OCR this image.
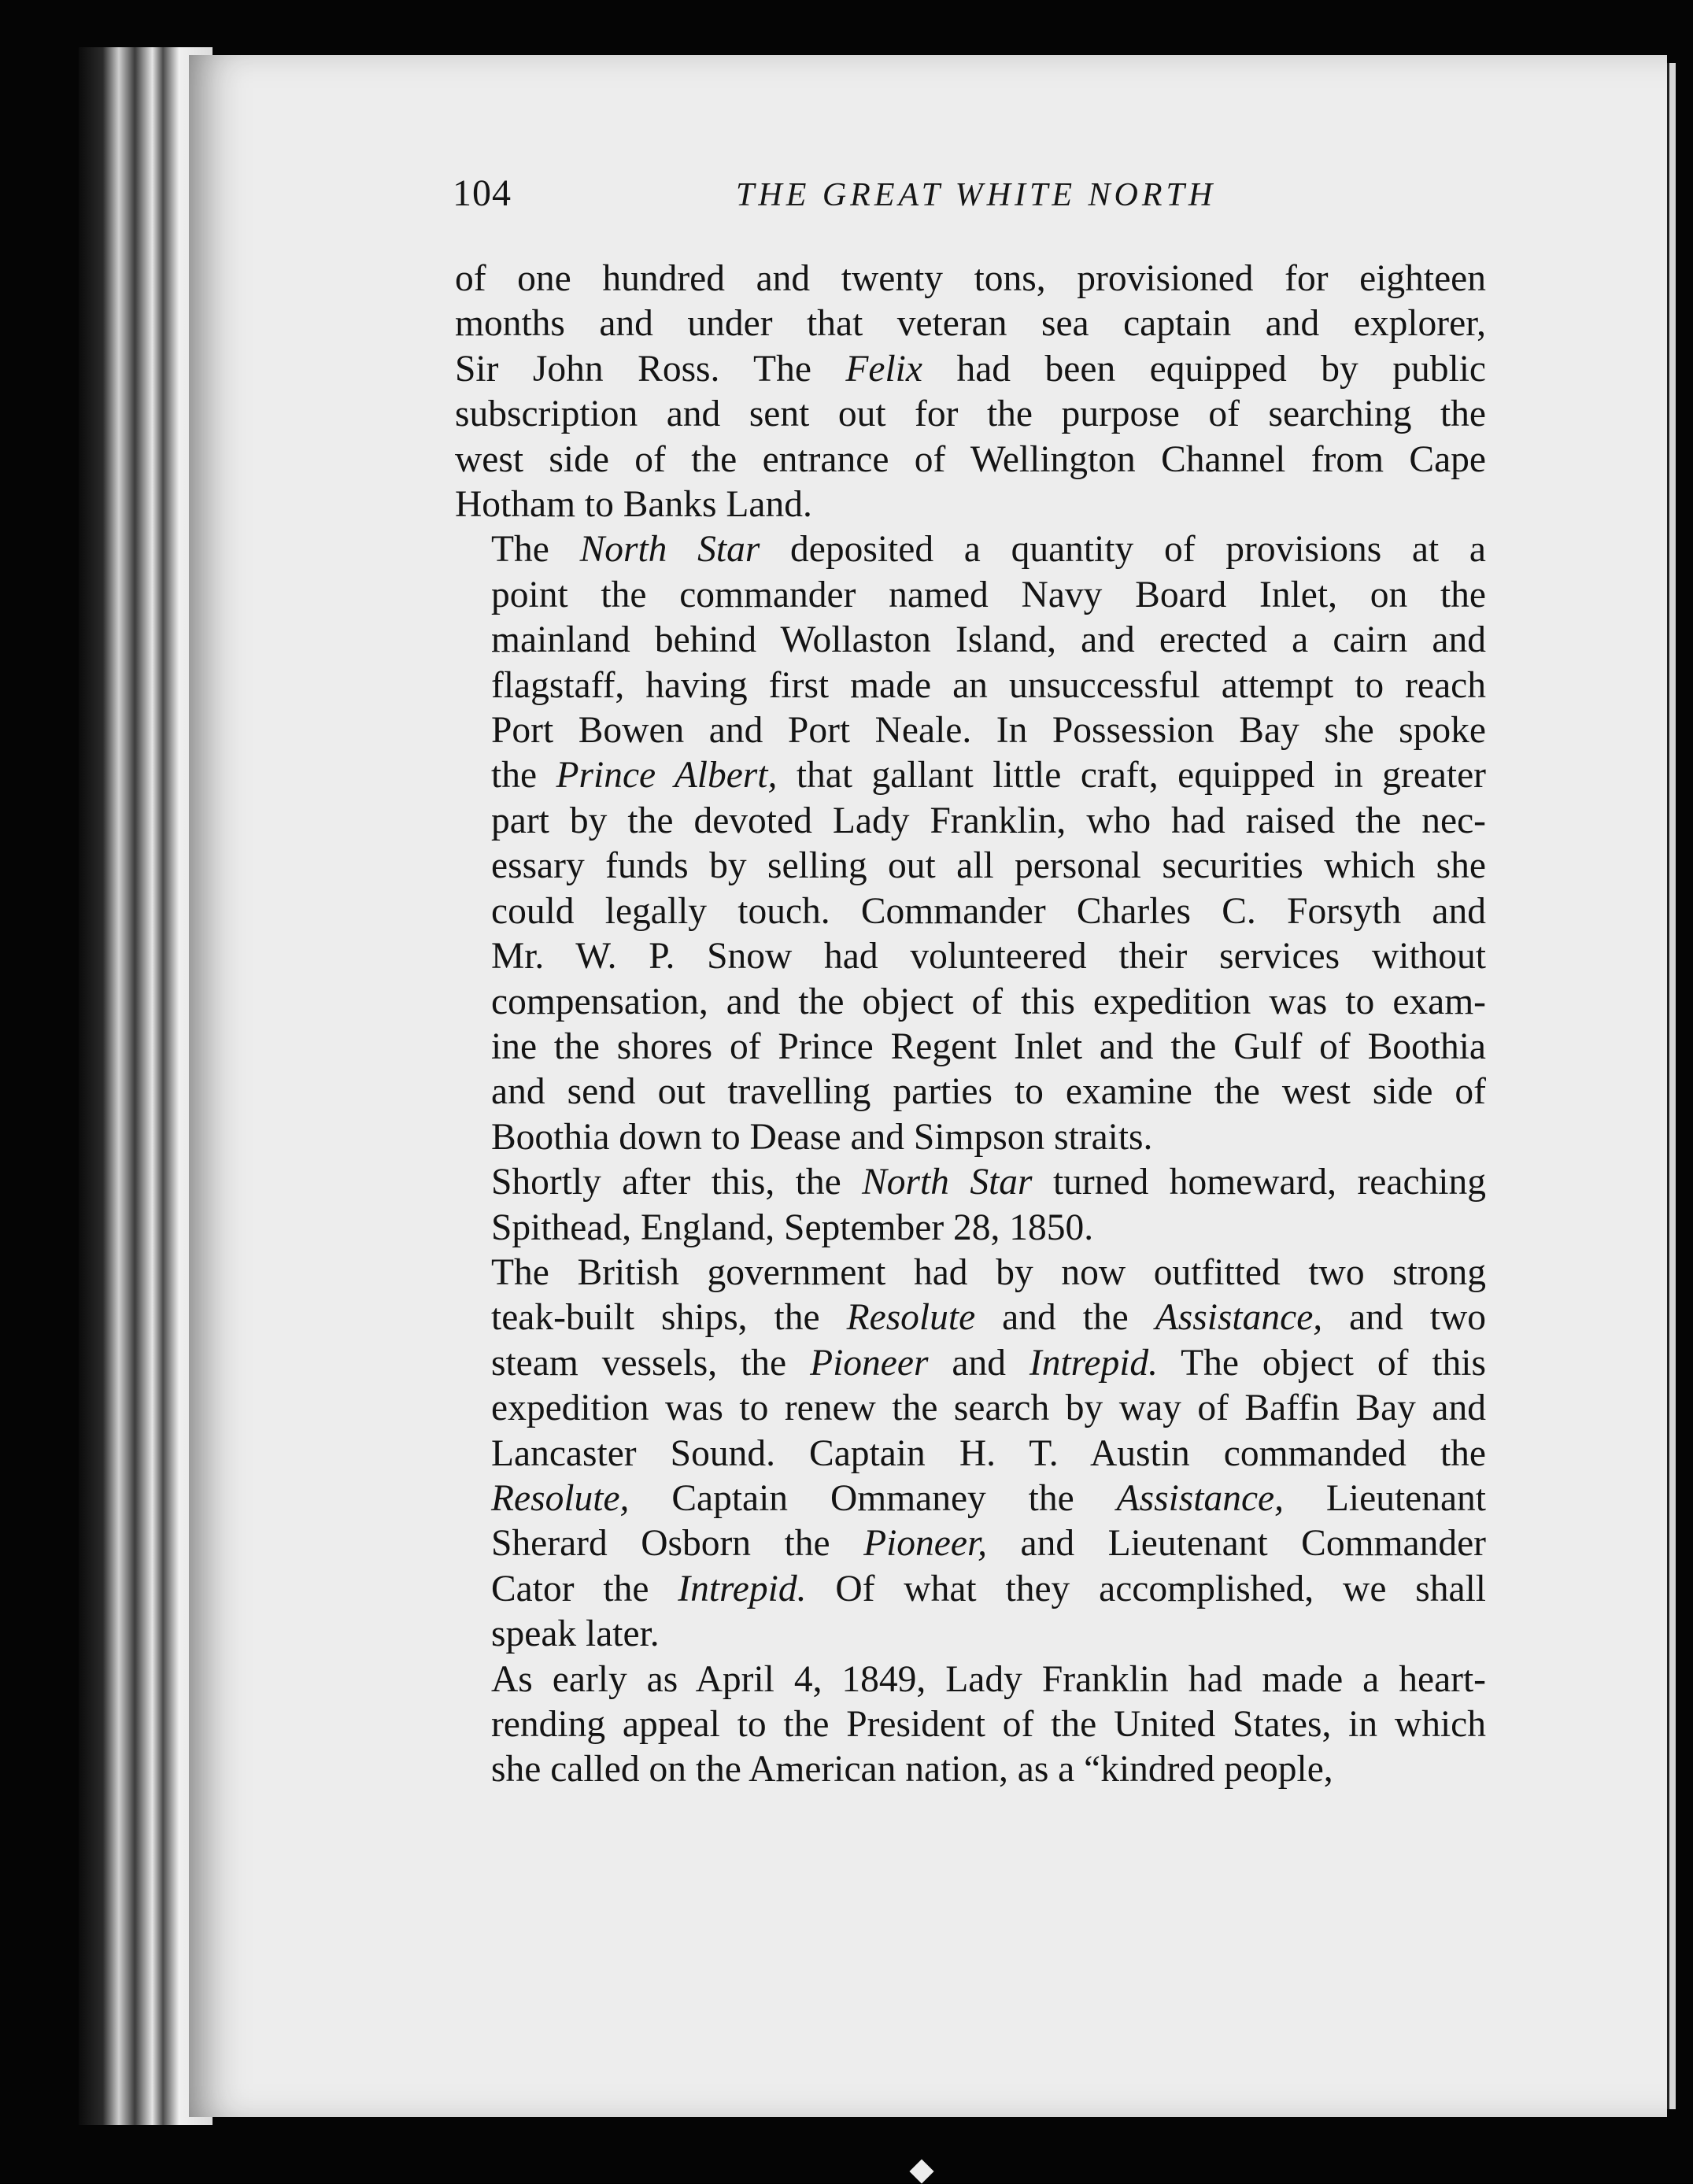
104	THE GREAT WHITE NORTH

of one hundred and twenty tons, provisioned for eighteen
months and under that veteran sea captain and explorer,
Sir John Ross. The Felix had been equipped by public
subscription and sent out for the purpose of searching the
west side of the entrance of Wellington Channel from Cape
Hotham to Banks Land.

The North Star deposited a quantity of provisions at a
point the commander named Navy Board Inlet, on the
mainland behind Wollaston Island, and erected a cairn and
flagstaff, having first made an unsuccessful attempt to reach
Port Bowen and Port Neale. In Possession Bay she spoke
the Prince Albert, that gallant little craft, equipped in greater
part by the devoted Lady Franklin, who had raised the nec-
essary funds by selling out all personal securities which she
could legally touch. Commander Charles C. Forsyth and
Mr. W. P. Snow had volunteered their services without
compensation, and the object of this expedition was to exam-
ine the shores of Prince Regent Inlet and the Gulf of Boothia
and send out travelling parties to examine the west side of
Boothia down to Dease and Simpson straits.

Shortly after this, the North Star turned homeward, reaching
Spithead, England, September 28, 1850.

The British government had by now outfitted two strong
teak-built ships, the Resolute and the Assistance, and two
steam vessels, the Pioneer and Intrepid. The object of this
expedition was to renew the search by way of Baffin Bay and
Lancaster Sound. Captain H. T. Austin commanded the
Resolute, Captain Ommaney the Assistance, Lieutenant
Sherard Osborn the Pioneer, and Lieutenant Commander
Cator the Intrepid. Of what they accomplished, we shall
speak later.

As early as April 4, 1849, Lady Franklin had made a heart-
rending appeal to the President of the United States, in which
she called on the American nation, as a “kindred people,
